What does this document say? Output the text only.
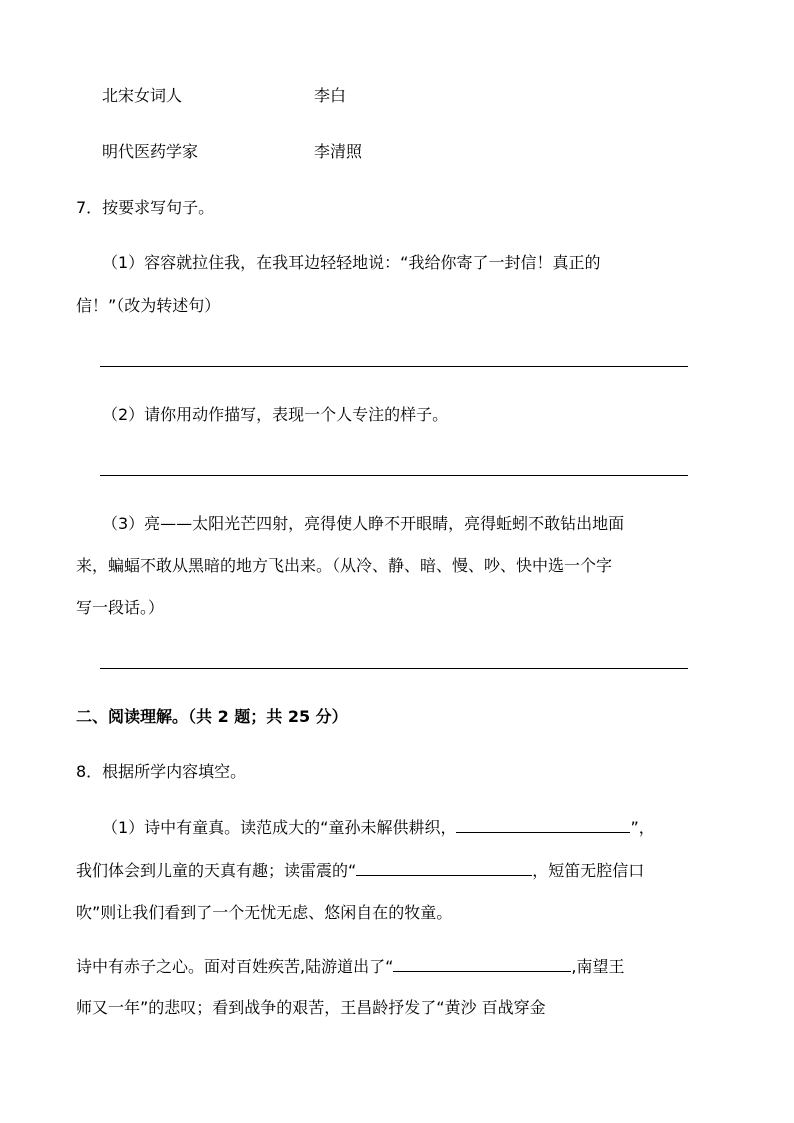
北宋女词人	李白
明代医药学家	李清照
7．按要求写句子。
（1）容容就拉住我，在我耳边轻轻地说：“我给你寄了一封信！真正的
信！”（改为转述句）
（2）请你用动作描写，表现一个人专注的样子。
（3）亮——太阳光芒四射，亮得使人睁不开眼睛，亮得蚯蚓不敢钻出地面
来，蝙蝠不敢从黑暗的地方飞出来。（从冷、静、暗、慢、吵、快中选一个字
写一段话。）
二、阅读理解。（共 2 题；共 25 分）
8．根据所学内容填空。
（1）诗中有童真。读范成大的“童孙未解供耕织，	”，
我们体会到儿童的天真有趣；读雷震的“	，短笛无腔信口
吹”则让我们看到了一个无忧无虑、悠闲自在的牧童。
诗中有赤子之心。面对百姓疾苦,陆游道出了“	,南望王
师又一年”的悲叹；看到战争的艰苦，王昌龄抒发了“黄沙 百战穿金
